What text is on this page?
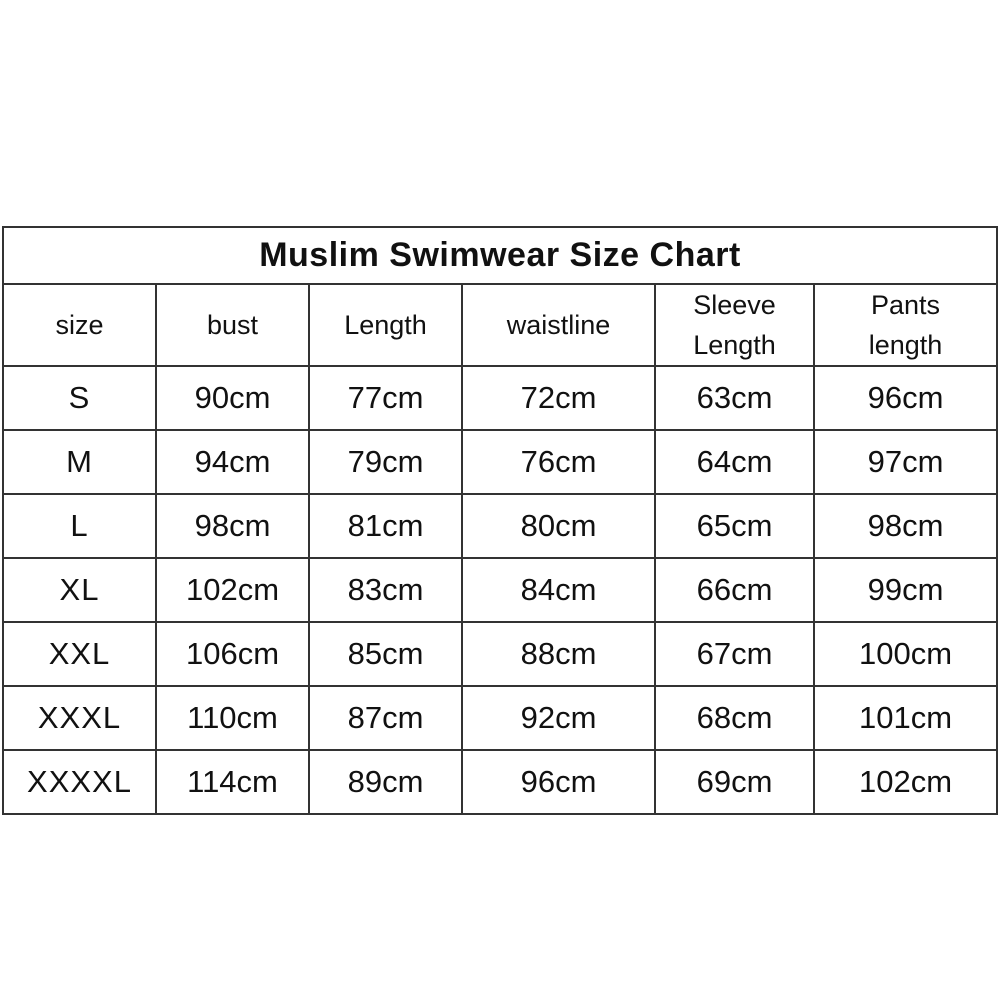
Muslim Swimwear Size Chart					
size	bust	Length	waistline	Sleeve Length	Pants length
S	90cm	77cm	72cm	63cm	96cm
M	94cm	79cm	76cm	64cm	97cm
L	98cm	81cm	80cm	65cm	98cm
XL	102cm	83cm	84cm	66cm	99cm
XXL	106cm	85cm	88cm	67cm	100cm
XXXL	110cm	87cm	92cm	68cm	101cm
XXXXL	114cm	89cm	96cm	69cm	102cm
